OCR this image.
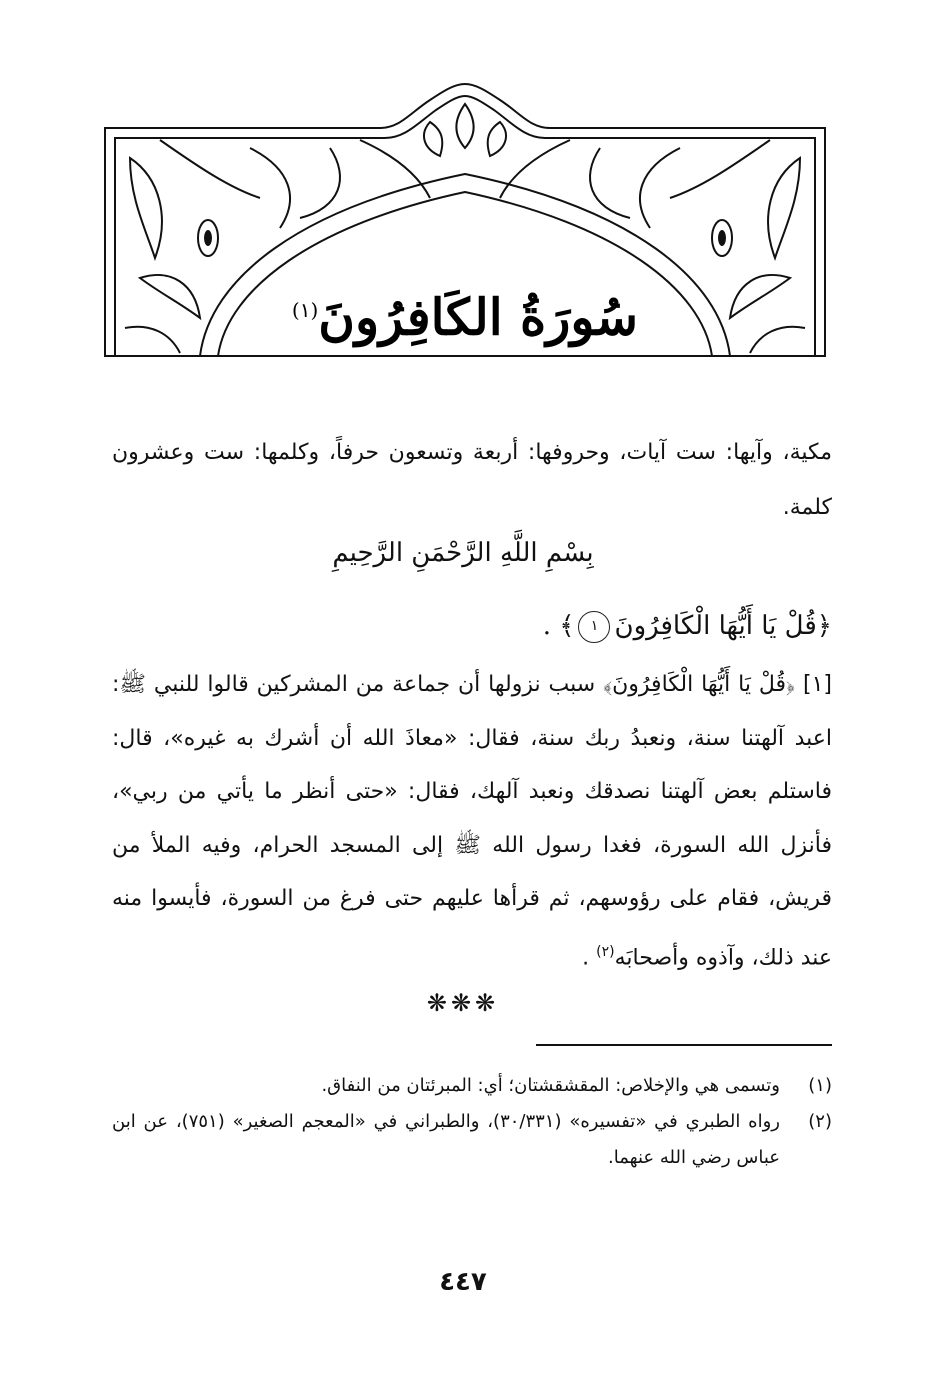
سُورَةُ الكَافِرُونَ$^{(١)}$

مكية، وآيها: ست آيات، وحروفها: أربعة وتسعون حرفاً، وكلمها: ست وعشرون كلمة.

بِسْمِ اللَّهِ الرَّحْمَنِ الرَّحِيمِ
﴿قُلْ يَا أَيُّهَا الْكَافِرُونَ١﴾ .

[١] ﴿قُلْ يَا أَيُّهَا الْكَافِرُونَ﴾ سبب نزولها أن جماعة من المشركين قالوا للنبي ﷺ: اعبد آلهتنا سنة، ونعبدُ ربك سنة، فقال: «معاذَ الله أن أشرك به غيره»، قال: فاستلم بعض آلهتنا نصدقك ونعبد آلهك، فقال: «حتى أنظر ما يأتي من ربي»، فأنزل الله السورة، فغدا رسول الله ﷺ إلى المسجد الحرام، وفيه الملأ من قريش، فقام على رؤوسهم، ثم قرأها عليهم حتى فرغ من السورة، فأيسوا منه عند ذلك، وآذوه وأصحابَه$^{(٢)}$ .

❋❋❋

(١)
وتسمى هي والإخلاص: المقشقشتان؛ أي: المبرئتان من النفاق.

(٢)
رواه الطبري في «تفسيره» (٣٠/٣٣١)، والطبراني في «المعجم الصغير» (٧٥١)، عن ابن عباس رضي الله عنهما.

٤٤٧
